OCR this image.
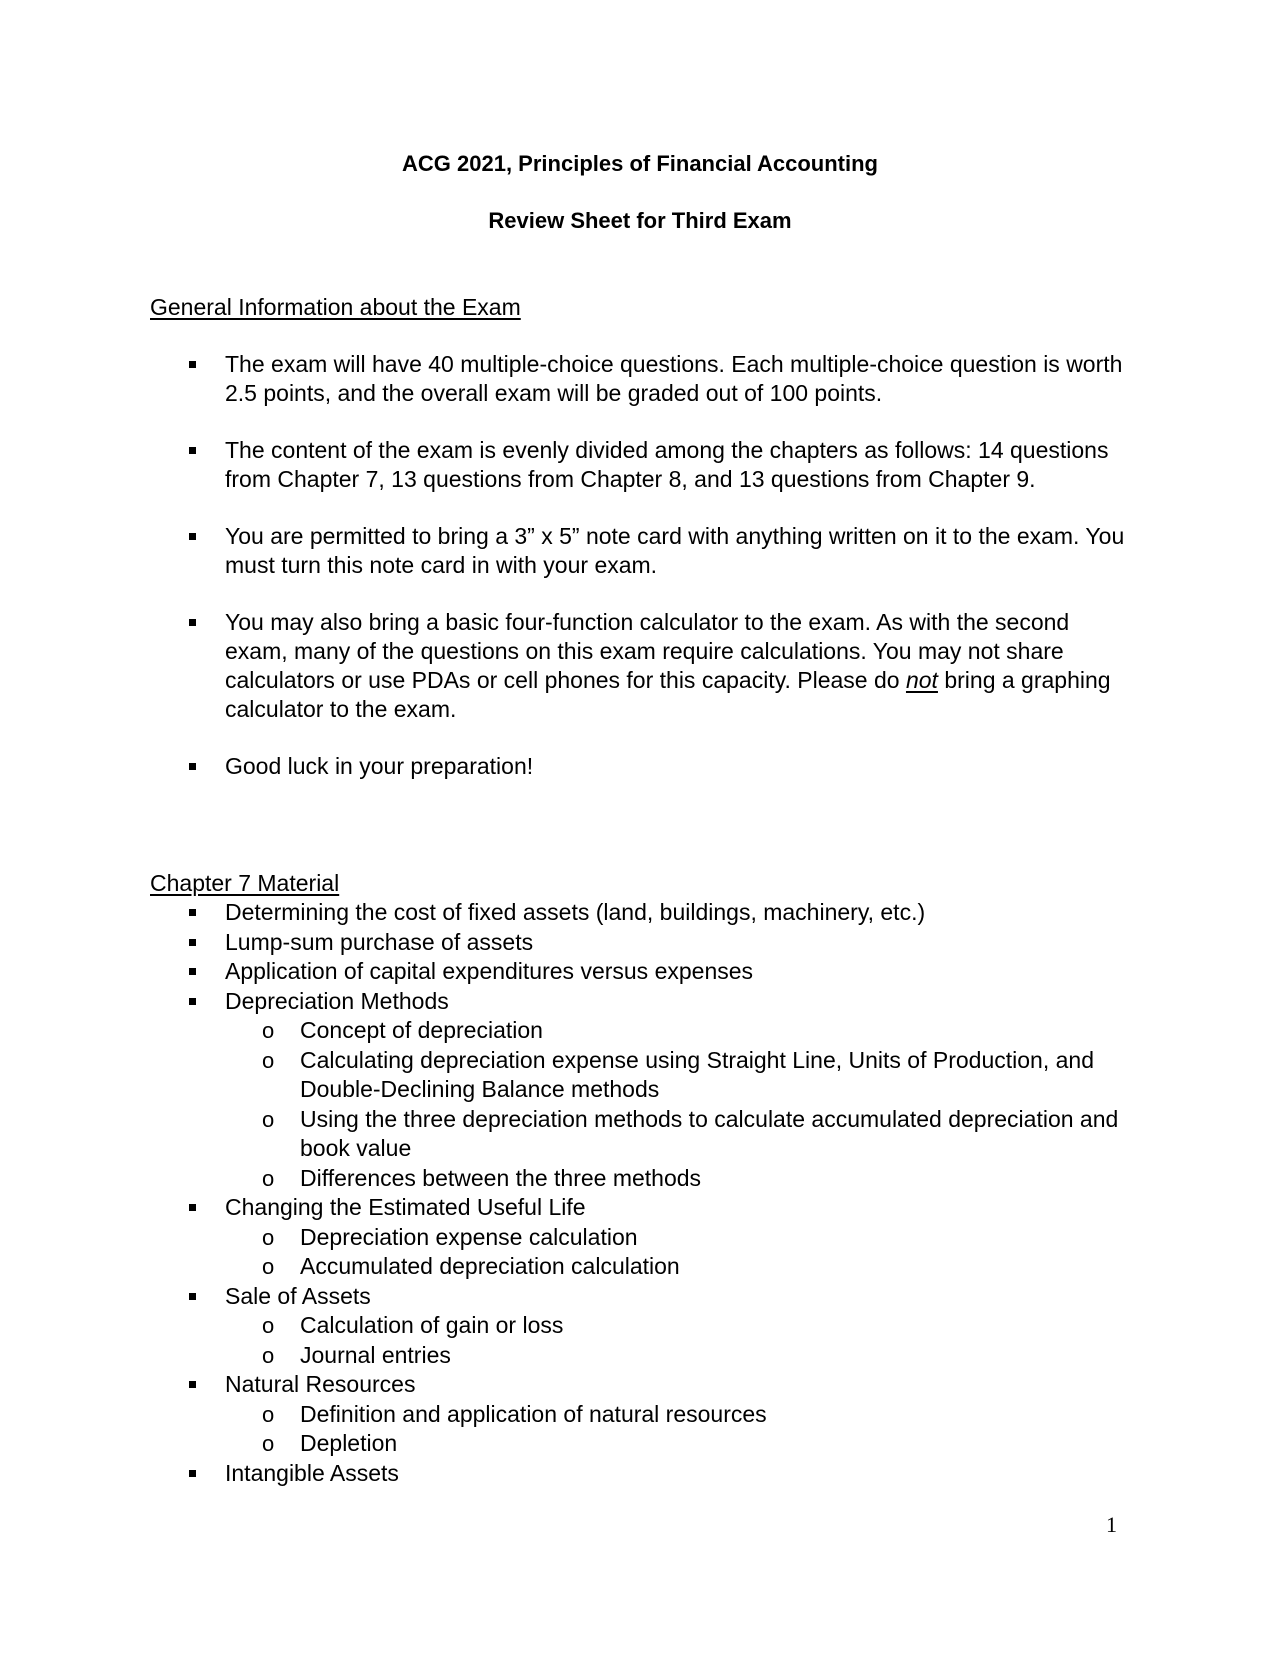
ACG 2021, Principles of Financial Accounting
Review Sheet for Third Exam
General Information about the Exam
The exam will have 40 multiple-choice questions. Each multiple-choice question is worth 2.5 points, and the overall exam will be graded out of 100 points.
The content of the exam is evenly divided among the chapters as follows: 14 questions from Chapter 7, 13 questions from Chapter 8, and 13 questions from Chapter 9.
You are permitted to bring a 3” x 5” note card with anything written on it to the exam. You must turn this note card in with your exam.
You may also bring a basic four-function calculator to the exam. As with the second exam, many of the questions on this exam require calculations. You may not share calculators or use PDAs or cell phones for this capacity. Please do not bring a graphing calculator to the exam.
Good luck in your preparation!
Chapter 7 Material
Determining the cost of fixed assets (land, buildings, machinery, etc.)
Lump-sum purchase of assets
Application of capital expenditures versus expenses
Depreciation Methods
o Concept of depreciation
o Calculating depreciation expense using Straight Line, Units of Production, and Double-Declining Balance methods
o Using the three depreciation methods to calculate accumulated depreciation and book value
o Differences between the three methods
Changing the Estimated Useful Life
o Depreciation expense calculation
o Accumulated depreciation calculation
Sale of Assets
o Calculation of gain or loss
o Journal entries
Natural Resources
o Definition and application of natural resources
o Depletion
Intangible Assets
1
